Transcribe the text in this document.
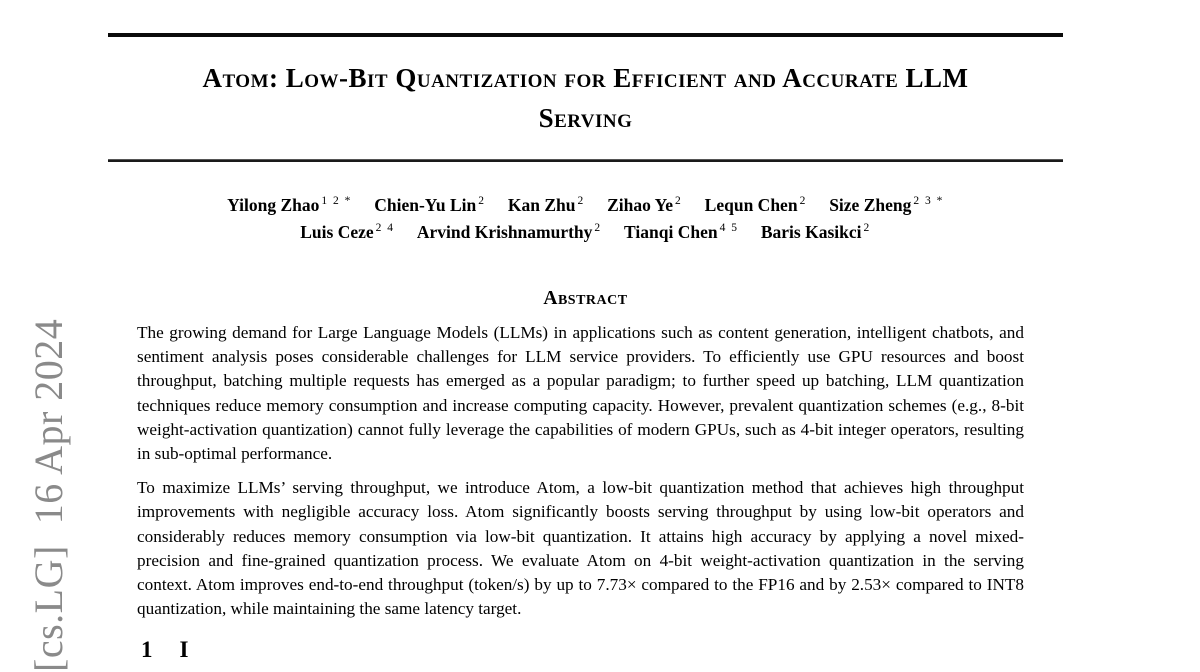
[cs.LG]  16 Apr 2024
Atom: Low-Bit Quantization for Efficient and Accurate LLM
Serving
Yilong Zhao $^{1 2 *}$ Chien-Yu Lin $^2$ Kan Zhu $^2$ Zihao Ye $^2$ Lequn Chen $^2$ Size Zheng $^{2 3 *}$
Luis Ceze $^{2 4}$ Arvind Krishnamurthy $^2$ Tianqi Chen $^{4 5}$ Baris Kasikci $^2$
Abstract

The growing demand for Large Language Models (LLMs) in applications such as content generation, intelligent chatbots, and sentiment analysis poses considerable challenges for LLM service providers. To efficiently use GPU resources and boost throughput, batching multiple requests has emerged as a popular paradigm; to further speed up batching, LLM quantization techniques reduce memory consumption and increase computing capacity. However, prevalent quantization schemes (e.g., 8-bit weight-activation quantization) cannot fully leverage the capabilities of modern GPUs, such as 4-bit integer operators, resulting in sub-optimal performance.

To maximize LLMs’ serving throughput, we introduce Atom, a low-bit quantization method that achieves high throughput improvements with negligible accuracy loss. Atom significantly boosts serving throughput by using low-bit operators and considerably reduces memory consumption via low-bit quantization. It attains high accuracy by applying a novel mixed-precision and fine-grained quantization process. We evaluate Atom on 4-bit weight-activation quantization in the serving context. Atom improves end-to-end throughput (token/s) by up to 7.73× compared to the FP16 and by 2.53× compared to INT8 quantization, while maintaining the same latency target.

1 I
